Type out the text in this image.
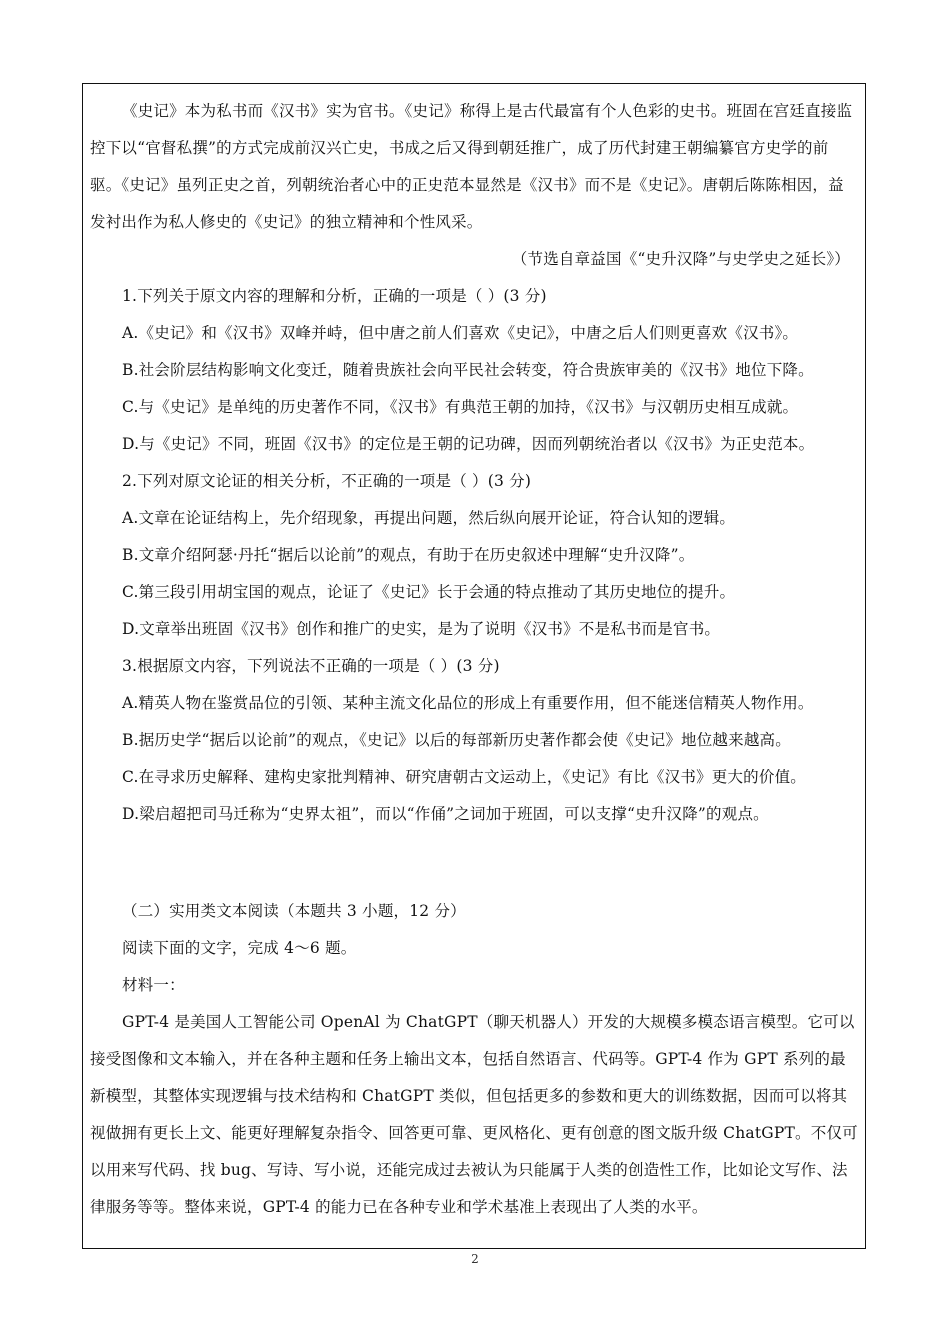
《史记》本为私书而《汉书》实为官书。《史记》称得上是古代最富有个人色彩的史书。班固在宫廷直接监控下以“官督私撰”的方式完成前汉兴亡史，书成之后又得到朝廷推广，成了历代封建王朝编纂官方史学的前驱。《史记》虽列正史之首，列朝统治者心中的正史范本显然是《汉书》而不是《史记》。唐朝后陈陈相因，益发衬出作为私人修史的《史记》的独立精神和个性风采。

（节选自章益国《“史升汉降”与史学史之延长》）

1.下列关于原文内容的理解和分析，正确的一项是（ ）(3 分)

A.《史记》和《汉书》双峰并峙，但中唐之前人们喜欢《史记》，中唐之后人们则更喜欢《汉书》。

B.社会阶层结构影响文化变迁，随着贵族社会向平民社会转变，符合贵族审美的《汉书》地位下降。

C.与《史记》是单纯的历史著作不同，《汉书》有典范王朝的加持，《汉书》与汉朝历史相互成就。

D.与《史记》不同，班固《汉书》的定位是王朝的记功碑，因而列朝统治者以《汉书》为正史范本。

2.下列对原文论证的相关分析，不正确的一项是（ ）(3 分)

A.文章在论证结构上，先介绍现象，再提出问题，然后纵向展开论证，符合认知的逻辑。

B.文章介绍阿瑟·丹托“据后以论前”的观点，有助于在历史叙述中理解“史升汉降”。

C.第三段引用胡宝国的观点，论证了《史记》长于会通的特点推动了其历史地位的提升。

D.文章举出班固《汉书》创作和推广的史实，是为了说明《汉书》不是私书而是官书。

3.根据原文内容，下列说法不正确的一项是（ ）(3 分)

A.精英人物在鉴赏品位的引领、某种主流文化品位的形成上有重要作用，但不能迷信精英人物作用。

B.据历史学“据后以论前”的观点，《史记》以后的每部新历史著作都会使《史记》地位越来越高。

C.在寻求历史解释、建构史家批判精神、研究唐朝古文运动上，《史记》有比《汉书》更大的价值。

D.梁启超把司马迁称为“史界太祖”，而以“作俑”之词加于班固，可以支撑“史升汉降”的观点。

（二）实用类文本阅读（本题共 3 小题，12 分）

阅读下面的文字，完成 4～6 题。

材料一：

GPT-4 是美国人工智能公司 OpenAl 为 ChatGPT（聊天机器人）开发的大规模多模态语言模型。它可以接受图像和文本输入，并在各种主题和任务上输出文本，包括自然语言、代码等。GPT-4 作为 GPT 系列的最新模型，其整体实现逻辑与技术结构和 ChatGPT 类似，但包括更多的参数和更大的训练数据，因而可以将其视做拥有更长上文、能更好理解复杂指令、回答更可靠、更风格化、更有创意的图文版升级 ChatGPT。不仅可以用来写代码、找 bug、写诗、写小说，还能完成过去被认为只能属于人类的创造性工作，比如论文写作、法律服务等等。整体来说，GPT-4 的能力已在各种专业和学术基准上表现出了人类的水平。

2
